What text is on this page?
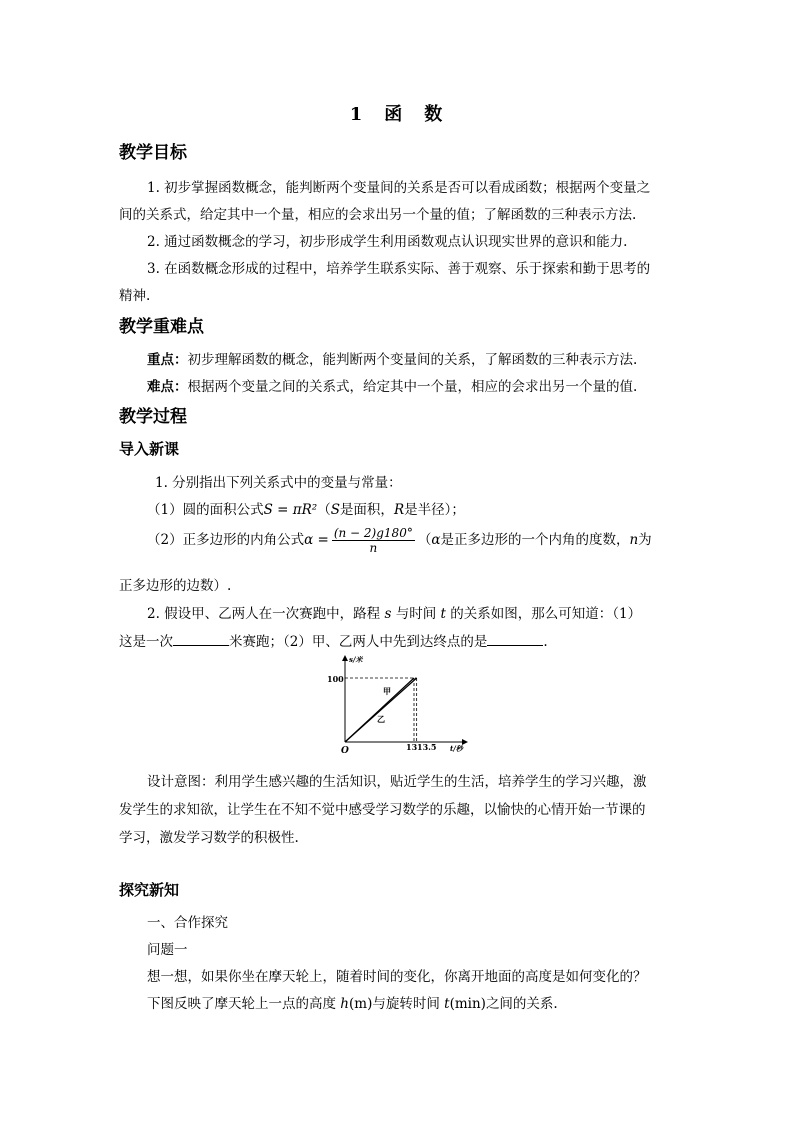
1　函　数
教学目标
1. 初步掌握函数概念，能判断两个变量间的关系是否可以看成函数；根据两个变量之
间的关系式，给定其中一个量，相应的会求出另一个量的值；了解函数的三种表示方法.
2. 通过函数概念的学习，初步形成学生利用函数观点认识现实世界的意识和能力.
3. 在函数概念形成的过程中，培养学生联系实际、善于观察、乐于探索和勤于思考的
精神.
教学重难点
重点：初步理解函数的概念，能判断两个变量间的关系，了解函数的三种表示方法.
难点：根据两个变量之间的关系式，给定其中一个量，相应的会求出另一个量的值.
教学过程
导入新课
1. 分别指出下列关系式中的变量与常量：
（1）圆的面积公式S = πR²（S是面积，R是半径）；
（2）正多边形的内角公式$\alpha = \frac{(n - 2)g180^\circ}{n} (\alpha$是正多边形的一个内角的度数，n为
正多边形的边数）.
2. 假设甲、乙两人在一次赛跑中，路程 s 与时间 t 的关系如图，那么可知道：（1）
这是一次	米赛跑；（2）甲、乙两人中先到达终点的是	.
O
100
13 13.5
s/米
t/秒
甲
乙
设计意图：利用学生感兴趣的生活知识，贴近学生的生活，培养学生的学习兴趣，激
发学生的求知欲，让学生在不知不觉中感受学习数学的乐趣，以愉快的心情开始一节课的
学习，激发学习数学的积极性.
探究新知
一、合作探究
问题一
想一想，如果你坐在摩天轮上，随着时间的变化，你离开地面的高度是如何变化的？
下图反映了摩天轮上一点的高度 h(m)与旋转时间 t(min)之间的关系.
